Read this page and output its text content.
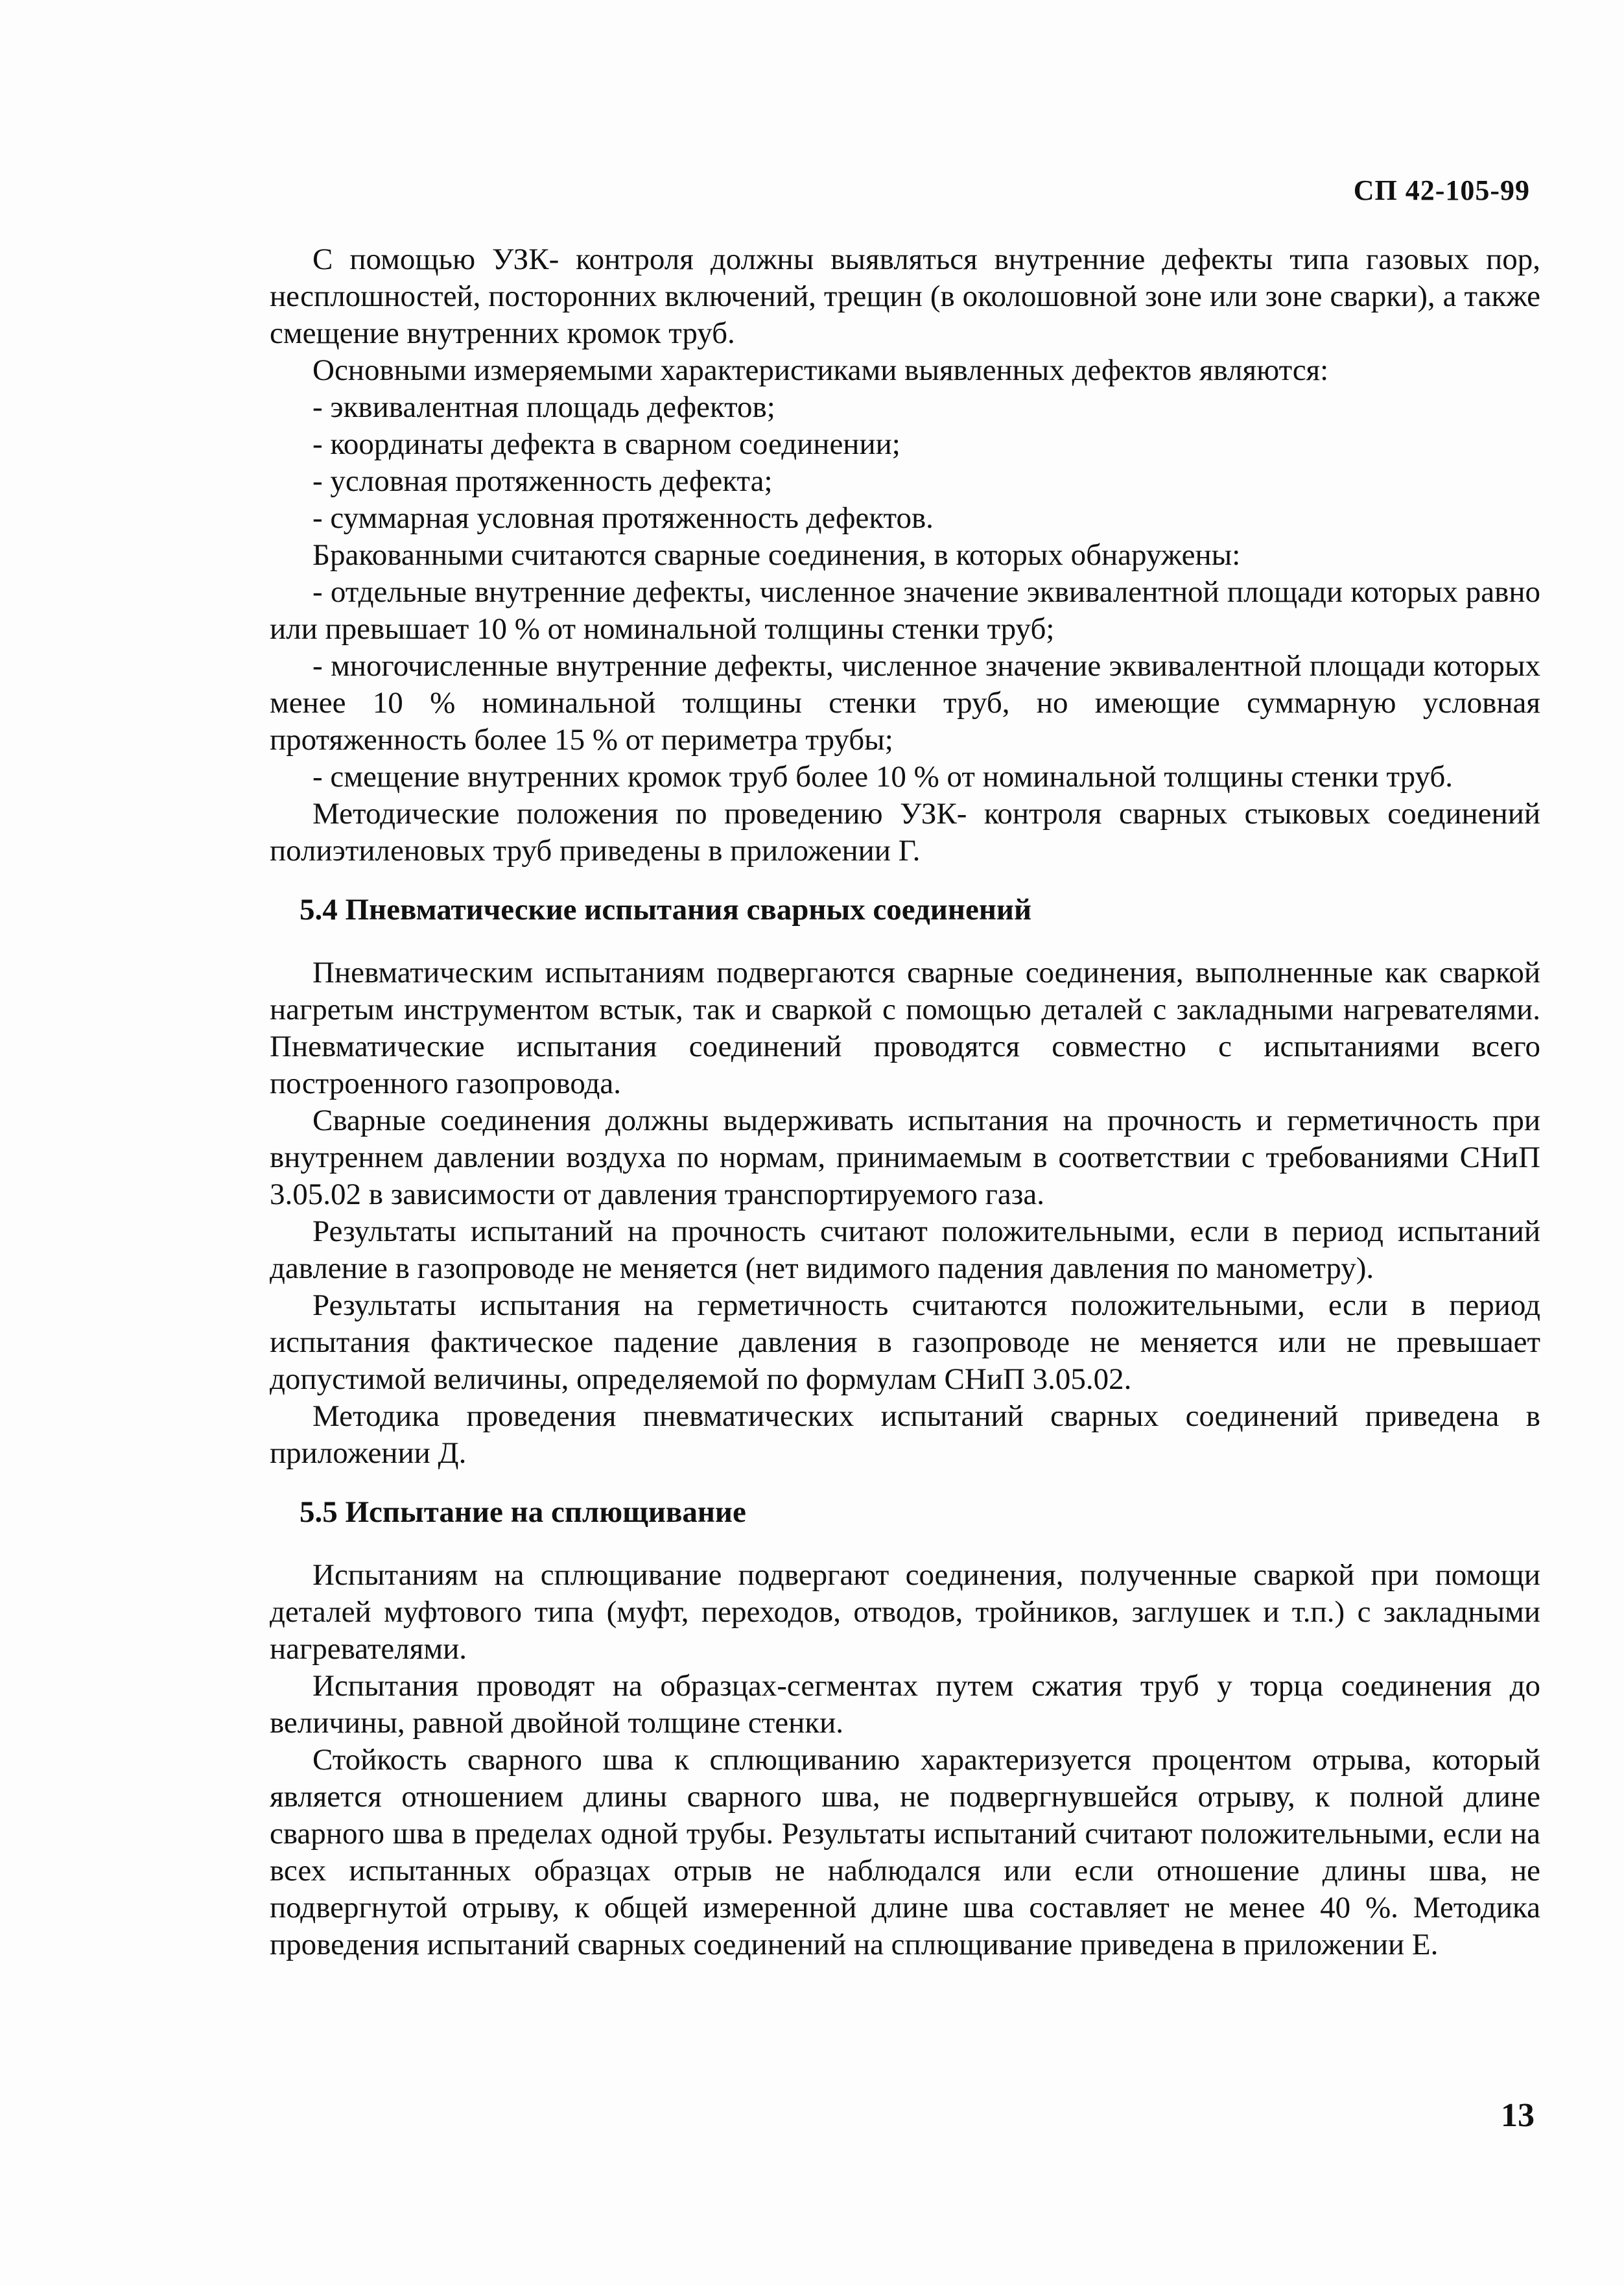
СП 42-105-99

С помощью УЗК- контроля должны выявляться внутренние дефекты типа газовых пор, несплошностей, посторонних включений, трещин (в околошовной зоне или зоне сварки), а также смещение внутренних кромок труб.

Основными измеряемыми характеристиками выявленных дефектов являются:

- эквивалентная площадь дефектов;

- координаты дефекта в сварном соединении;

- условная протяженность дефекта;

- суммарная условная протяженность дефектов.

Бракованными считаются сварные соединения, в которых обнаружены:

- отдельные внутренние дефекты, численное значение эквивалентной площади которых равно или превышает 10 % от номинальной толщины стенки труб;

- многочисленные внутренние дефекты, численное значение эквивалентной площади которых менее 10 % номинальной толщины стенки труб, но имеющие суммарную условная протяженность более 15 % от периметра трубы;

- смещение внутренних кромок труб более 10 % от номинальной толщины стенки труб.

Методические положения по проведению УЗК- контроля сварных стыковых соединений полиэтиленовых труб приведены в приложении Г.

5.4 Пневматические испытания сварных соединений

Пневматическим испытаниям подвергаются сварные соединения, выполненные как сваркой нагретым инструментом встык, так и сваркой с помощью деталей с закладными нагревателями. Пневматические испытания соединений проводятся совместно с испытаниями всего построенного газопровода.

Сварные соединения должны выдерживать испытания на прочность и герметичность при внутреннем давлении воздуха по нормам, принимаемым в соответствии с требованиями СНиП 3.05.02 в зависимости от давления транспортируемого газа.

Результаты испытаний на прочность считают положительными, если в период испытаний давление в газопроводе не меняется (нет видимого падения давления по манометру).

Результаты испытания на герметичность считаются положительными, если в период испытания фактическое падение давления в газопроводе не меняется или не превышает допустимой величины, определяемой по формулам СНиП 3.05.02.

Методика проведения пневматических испытаний сварных соединений приведена в приложении Д.

5.5 Испытание на сплющивание

Испытаниям на сплющивание подвергают соединения, полученные сваркой при помощи деталей муфтового типа (муфт, переходов, отводов, тройников, заглушек и т.п.) с закладными нагревателями.

Испытания проводят на образцах-сегментах путем сжатия труб у торца соединения до величины, равной двойной толщине стенки.

Стойкость сварного шва к сплющиванию характеризуется процентом отрыва, который является отношением длины сварного шва, не подвергнувшейся отрыву, к полной длине сварного шва в пределах одной трубы. Результаты испытаний считают положительными, если на всех испытанных образцах отрыв не наблюдался или если отношение длины шва, не подвергнутой отрыву, к общей измеренной длине шва составляет не менее 40 %. Методика проведения испытаний сварных соединений на сплющивание приведена в приложении Е.

13
